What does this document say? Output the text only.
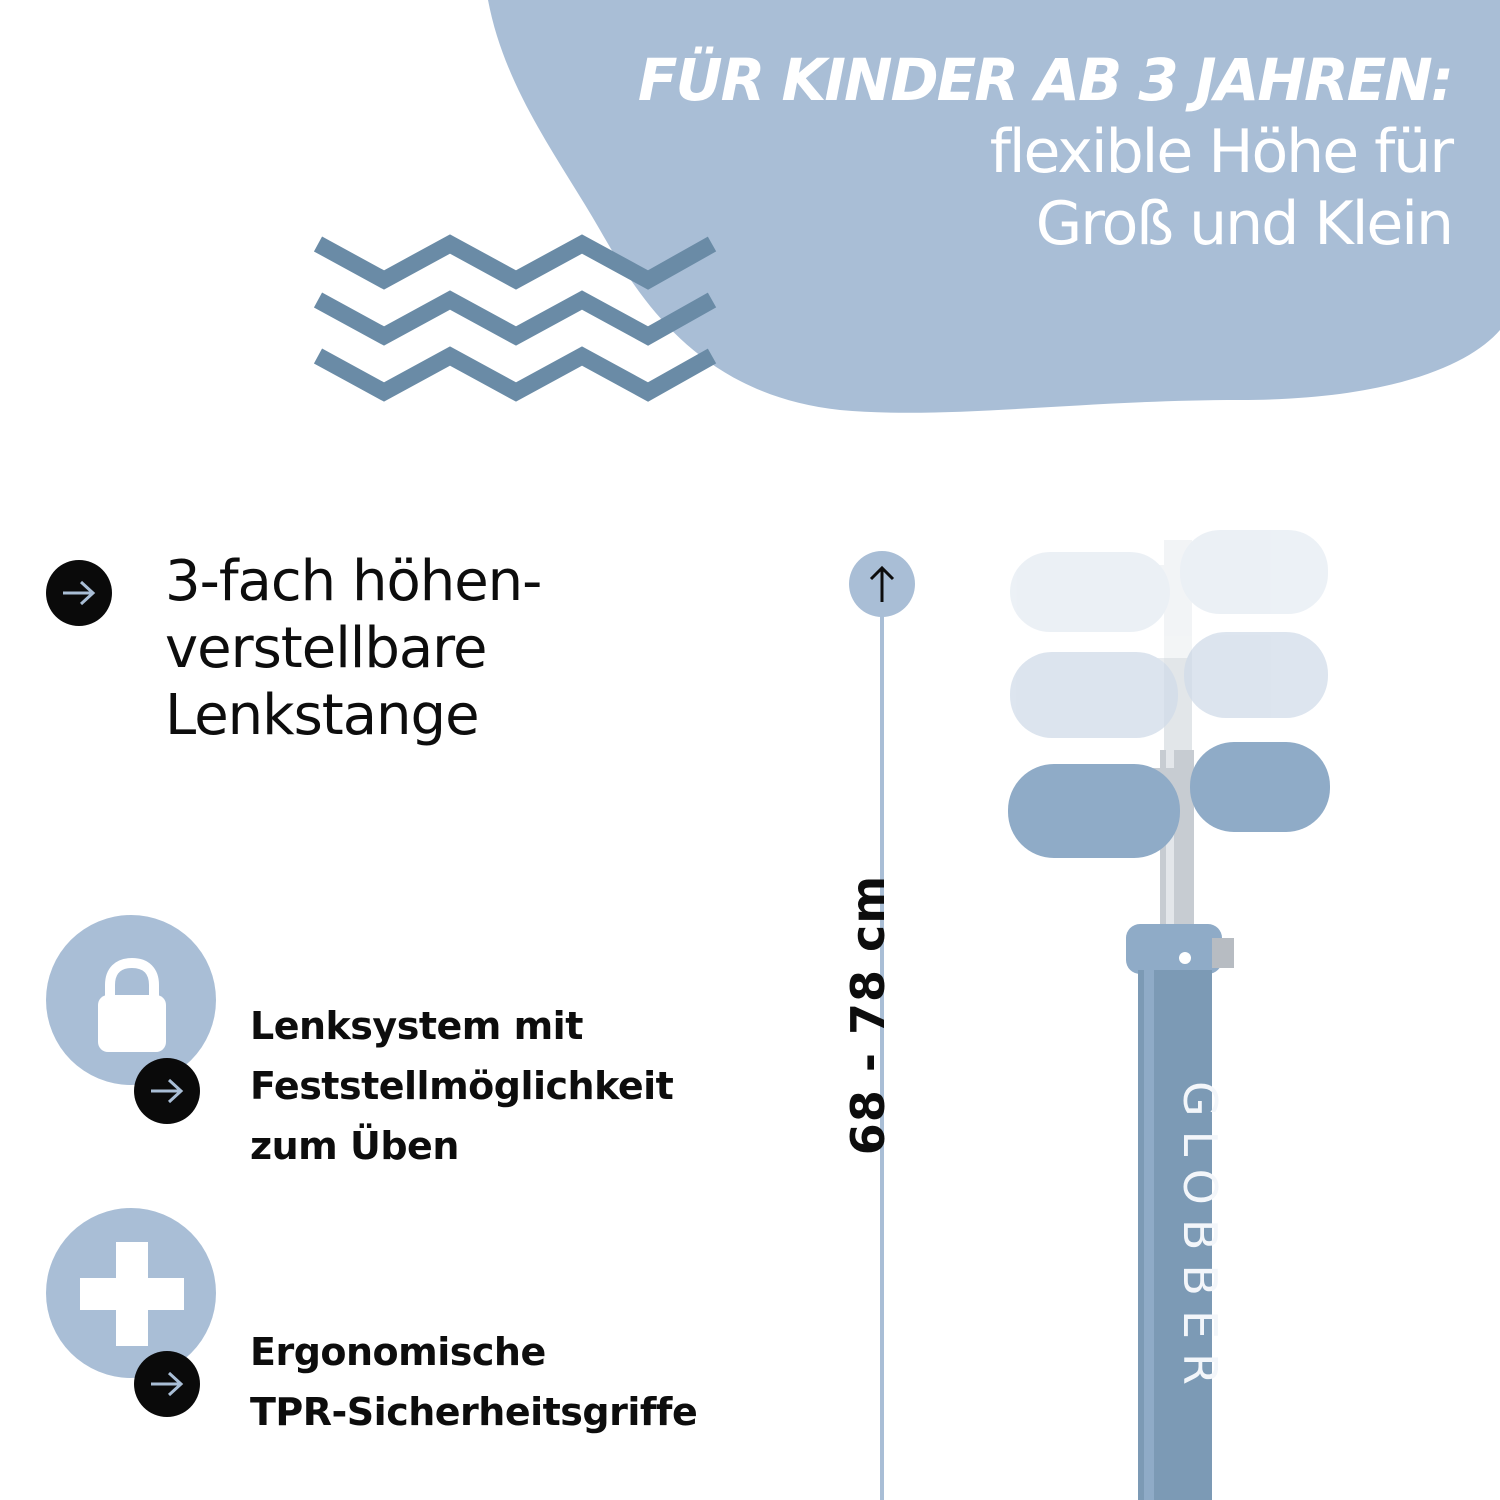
FÜR KINDER AB 3 JAHREN:
flexible Höhe für
Groß und Klein
3-fach höhen-
verstellbare
Lenkstange
Lenksystem mit
Feststellmöglichkeit
zum Üben
Ergonomische
TPR-Sicherheitsgriffe
68 - 78 cm
GLOBBER
